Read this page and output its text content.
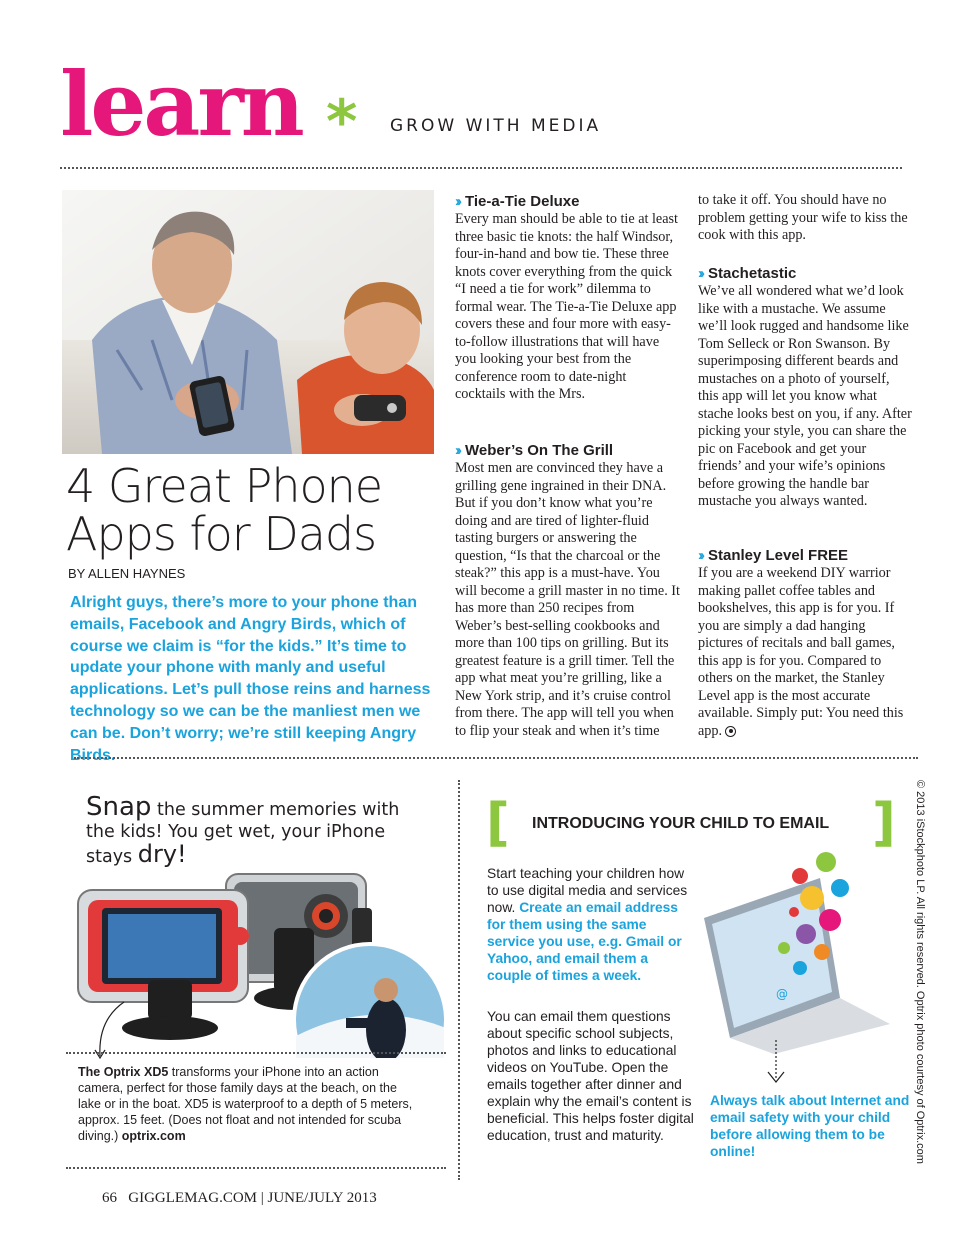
learn * GROW WITH MEDIA
4 Great Phone
Apps for Dads
BY ALLEN HAYNES
Alright guys, there’s more to your phone than emails, Facebook and Angry Birds, which of course we claim is “for the kids.” It’s time to update your phone with manly and useful applications. Let’s pull those reins and harness technology so we can be the manliest men we can be. Don’t worry; we’re still keeping Angry Birds.
›› Tie-a-Tie Deluxe
Every man should be able to tie at least three basic tie knots: the half Windsor, four-in-hand and bow tie. These three knots cover everything from the quick “I need a tie for work” dilemma to formal wear. The Tie-a-Tie Deluxe app covers these and four more with easy-to-follow illustrations that will have you looking your best from the conference room to date-night cocktails with the Mrs.
›› Weber’s On The Grill
Most men are convinced they have a grilling gene ingrained in their DNA. But if you don’t know what you’re doing and are tired of lighter-fluid tasting burgers or answering the question, “Is that the charcoal or the steak?” this app is a must-have. You will become a grill master in no time. It has more than 250 recipes from Weber’s best-selling cookbooks and more than 100 tips on grilling. But its greatest feature is a grill timer. Tell the app what meat you’re grilling, like a New York strip, and it’s cruise control from there. The app will tell you when to flip your steak and when it’s time
to take it off. You should have no problem getting your wife to kiss the cook with this app.
›› Stachetastic
We’ve all wondered what we’d look like with a mustache. We assume we’ll look rugged and handsome like Tom Selleck or Ron Swanson. By superimposing different beards and mustaches on a photo of yourself, this app will let you know what stache looks best on you, if any. After picking your style, you can share the pic on Facebook and get your friends’ and your wife’s opinions before growing the handle bar mustache you always wanted.
›› Stanley Level FREE
If you are a weekend DIY warrior making pallet coffee tables and bookshelves, this app is for you. If you are simply a dad hanging pictures of recitals and ball games, this app is for you. Compared to others on the market, the Stanley Level app is the most accurate available. Simply put: You need this app.
Snap the summer memories with the kids! You get wet, your iPhone stays dry!
The Optrix XD5 transforms your iPhone into an action camera, perfect for those family days at the beach, on the lake or in the boat. XD5 is waterproof to a depth of 5 meters, approx. 15 feet. (Does not float and not intended for scuba diving.) optrix.com
[	]
INTRODUCING YOUR CHILD TO EMAIL
Start teaching your children how to use digital media and services now. Create an email address for them using the same service you use, e.g. Gmail or Yahoo, and email them a couple of times a week.
You can email them questions about specific school subjects, photos and links to educational videos on YouTube. Open the emails together after dinner and explain why the email’s content is beneficial. This helps foster digital education, trust and maturity.
@
Always talk about Internet and email safety with your child before allowing them to be online!
66 GIGGLEMAG.COM | JUNE/JULY 2013
© 2013 iStockphoto LP. All rights reserved. Optrix photo courtesy of Optrix.com
